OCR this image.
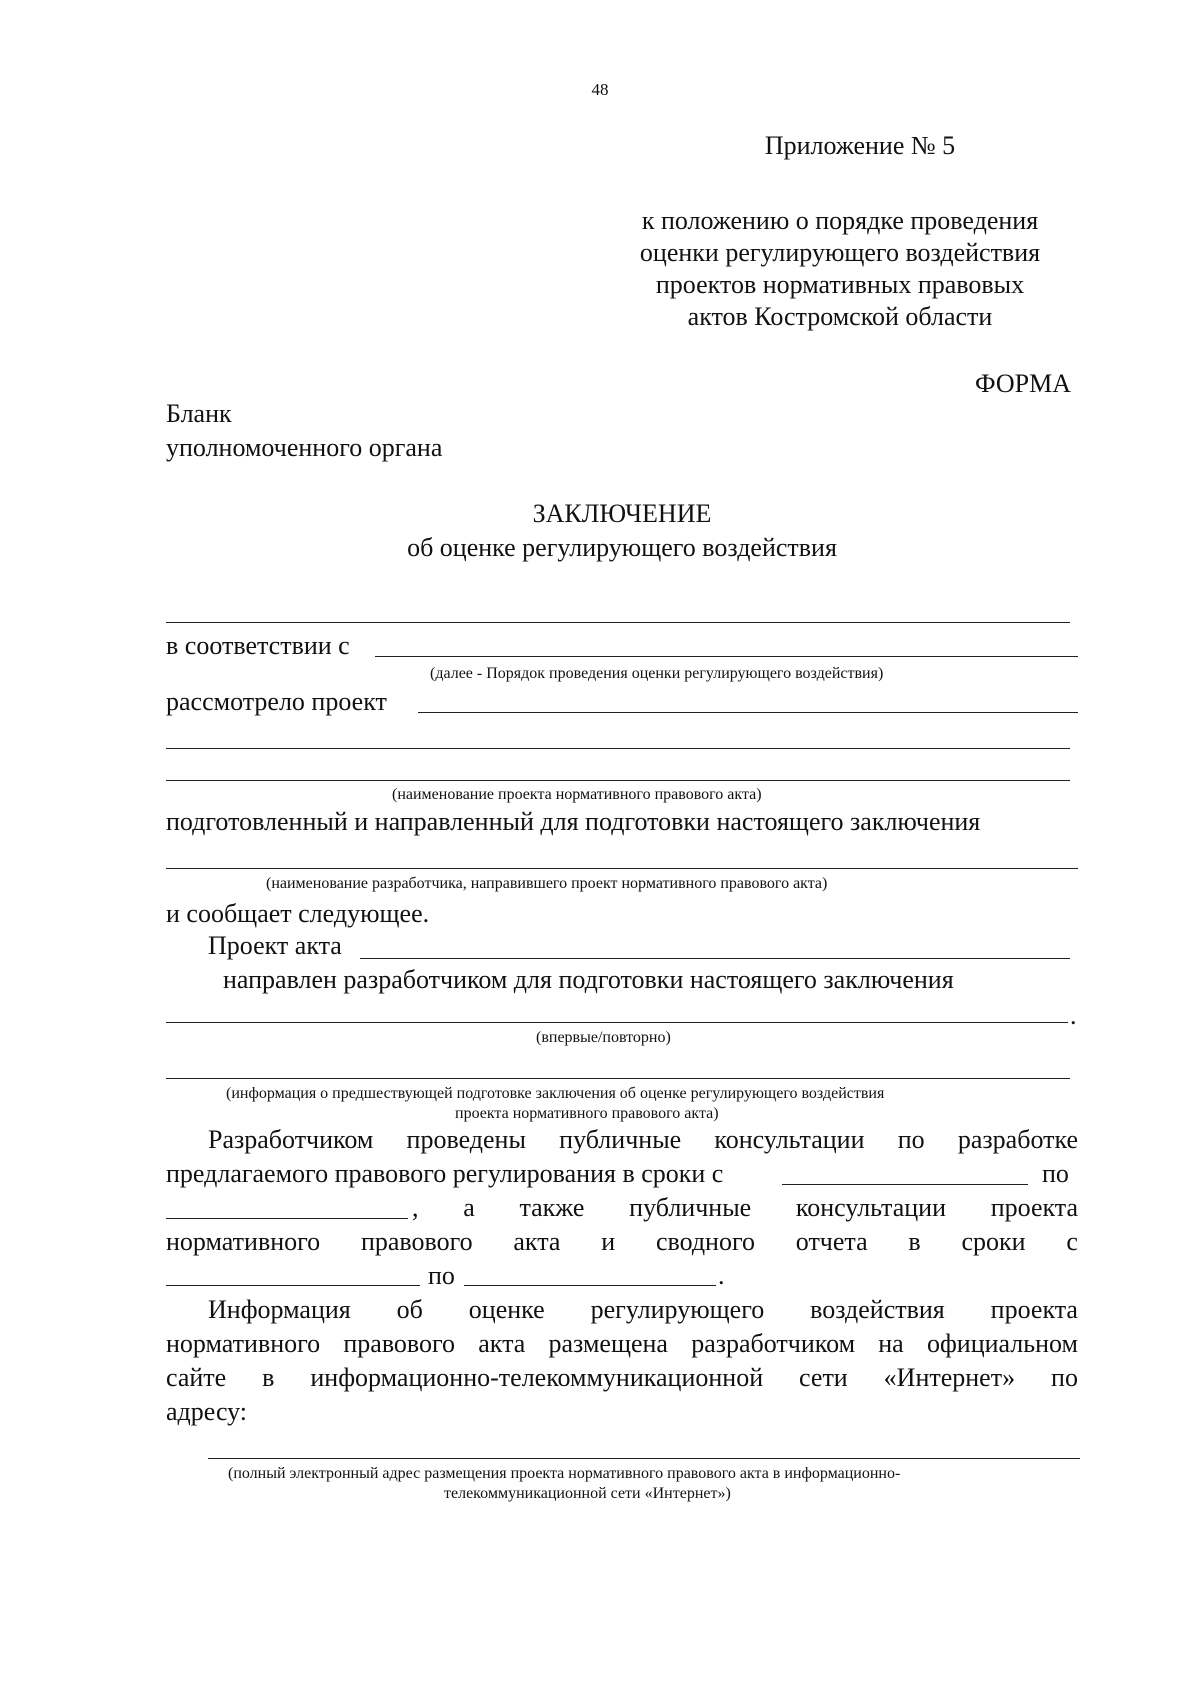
48
Приложение № 5
к положению о порядке проведения
оценки регулирующего воздействия
проектов нормативных правовых
актов Костромской области
ФОРМА
Бланк
уполномоченного органа
ЗАКЛЮЧЕНИЕ
об оценке регулирующего воздействия
в соответствии с
(далее - Порядок проведения оценки регулирующего воздействия)
рассмотрело проект
(наименование проекта нормативного правового акта)
подготовленный и направленный для подготовки настоящего заключения
(наименование разработчика, направившего проект нормативного правового акта)
и сообщает следующее.
Проект акта
направлен разработчиком для подготовки настоящего заключения
.
(впервые/повторно)
(информация о предшествующей подготовке заключения об оценке регулирующего воздействия
проекта нормативного правового акта)
Разработчиком проведены публичные консультации по разработке
предлагаемого правового регулирования в сроки с	по
, а также публичные консультации проекта
нормативного правового акта и сводного отчета в сроки с
по	.
Информация об оценке регулирующего воздействия проекта
нормативного правового акта размещена разработчиком на официальном
сайте в информационно-телекоммуникационной сети «Интернет» по
адресу:
(полный электронный адрес размещения проекта нормативного правового акта в информационно-
телекоммуникационной сети «Интернет»)
